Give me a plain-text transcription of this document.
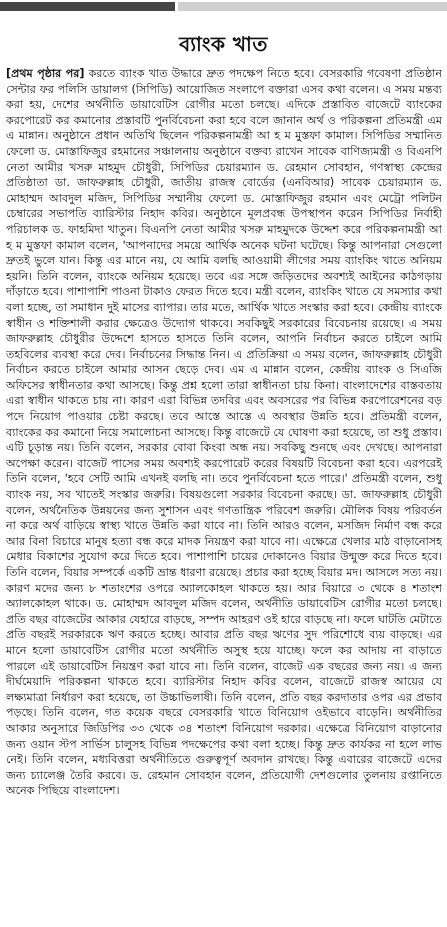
ব্যাংক খাত
[প্রথম পৃষ্ঠার পর] করতে ব্যাংক খাত উদ্ধারে দ্রুত পদক্ষেপ নিতে হবে। বেসরকারি গবেষণা প্রতিষ্ঠান সেন্টার ফর পলিসি ডায়ালগ (সিপিডি) আয়োজিত সংলাপে বক্তারা এসব কথা বলেন। এ সময় মন্তব্য করা হয়, দেশের অর্থনীতি ডায়াবেটিস রোগীর মতো চলছে। এদিকে প্রস্তাবিত বাজেটে ব্যাংকের করপোরেট কর কমানোর প্রস্তাবটি পুনর্বিবেচনা করা হবে বলে জানান অর্থ ও পরিকল্পনা প্রতিমন্ত্রী এম এ মান্নান। অনুষ্ঠানে প্রধান অতিথি ছিলেন পরিকল্পনামন্ত্রী আ হ ম মুস্তফা কামাল। সিপিডির সম্মানিত ফেলো ড. মোস্তাফিজুর রহমানের সঞ্চালনায় অনুষ্ঠানে বক্তব্য রাখেন সাবেক বাণিজ্যমন্ত্রী ও বিএনপি নেতা আমীর খসরু মাহমুদ চৌধুরী, সিপিডির চেয়ারম্যান ড. রেহমান সোবহান, গণস্বাস্থ্য কেন্দ্রের প্রতিষ্ঠাতা ডা. জাফরুল্লাহ চৌধুরী, জাতীয় রাজস্ব বোর্ডের (এনবিআর) সাবেক চেয়ারম্যান ড. মোহাম্মদ আবদুল মজিদ, সিপিডির সম্মানীয় ফেলো ড. মোস্তাফিজুর রহমান এবং মেট্রো পলিটন চেম্বারের সভাপতি ব্যারিস্টার নিহাদ কবির। অনুষ্ঠানে মূলপ্রবন্ধ উপস্থাপন করেন সিপিডির নির্বাহী পরিচালক ড. ফাহমিদা খাতুন। বিএনপি নেতা আমীর খসরু মাহমুদকে উদ্দেশ করে পরিকল্পনামন্ত্রী আ হ ম মুস্তফা কামাল বলেন, 'আপনাদের সময়ে আর্থিক অনেক ঘটনা ঘটেছে। কিন্তু আপনারা সেগুলো দ্রুতই ভুলে যান। কিন্তু এর মানে নয়, যে আমি বলছি আওয়ামী লীগের সময় ব্যাংকিং খাতে অনিয়ম হয়নি। তিনি বলেন, ব্যাংকে অনিয়ম হয়েছে। তবে এর সঙ্গে জড়িতদের অবশ্যই আইনের কাঠগড়ায় দাঁড়াতে হবে। পাশাপাশি পাওনা টাকাও ফেরত দিতে হবে। মন্ত্রী বলেন, ব্যাংকিং খাতে যে সমস্যার কথা বলা হচ্ছে, তা সমাধান দুই মাসের ব্যাপার। তার মতে, আর্থিক খাতে সংস্কার করা হবে। কেন্দ্রীয় ব্যাংকে স্বাধীন ও শক্তিশালী করার ক্ষেত্রেও উদ্যোগ থাকবে। সবকিছুই সরকারের বিবেচনায় রয়েছে। এ সময় জাফরুল্লাহ চৌধুরীর উদ্দেশে হাসতে হাসতে তিনি বলেন, আপনি নির্বাচন করতে চাইলে আমি তহবিলের ব্যবস্থা করে দেব। নির্বাচনের সিদ্ধান্ত নিন। এ প্রতিক্রিয়া এ সময় বলেন, জাফরুল্লাহ চৌধুরী নির্বাচন করতে চাইলে আমার আসন ছেড়ে দেব। এম এ মান্নান বলেন, কেন্দ্রীয় ব্যাংক ও সিএজি অফিসের স্বাধীনতার কথা আসছে। কিন্তু প্রশ্ন হলো তারা স্বাধীনতা চায় কিনা। বাংলাদেশের বাস্তবতায় এরা স্বাধীন থাকতে চায় না। কারণ এরা বিভিন্ন তদবির এবং অবসরের পর বিভিন্ন করপোরেশনের বড় পদে নিয়োগ পাওয়ার চেষ্টা করছে। তবে আস্তে আস্তে এ অবস্থার উন্নতি হবে। প্রতিমন্ত্রী বলেন, ব্যাংকের কর কমানো নিয়ে সমালোচনা আসছে। কিন্তু বাজেটে যে ঘোষণা করা হয়েছে, তা শুধু প্রস্তাব। এটি চূড়ান্ত নয়। তিনি বলেন, সরকার বোবা কিংবা অন্ধ নয়। সবকিছু শুনছে এবং দেখছে। আপনারা অপেক্ষা করেন। বাজেট পাসের সময় অবশ্যই করপোরেট করের বিষয়টি বিবেচনা করা হবে। এরপরেই তিনি বলেন, 'হবে সেটি আমি এখনই বলছি না। তবে পুনর্বিবেচনা হতে পারে।' প্রতিমন্ত্রী বলেন, শুধু ব্যাংক নয়, সব খাতেই সংস্কার জরুরি। বিষয়গুলো সরকার বিবেচনা করছে। ডা. জাফরুল্লাহ চৌধুরী বলেন, অর্থনৈতিক উন্নয়নের জন্য সুশাসন এবং গণতান্ত্রিক পরিবেশ জরুরি। মৌলিক বিষয় পরিবর্তন না করে অর্থ বাড়িয়ে স্বাস্থ্য খাতে উন্নতি করা যাবে না। তিনি আরও বলেন, মসজিদ নির্মাণ বন্ধ করে আর বিনা বিচারে মানুষ হত্যা বন্ধ করে মাদক নিয়ন্ত্রণ করা যাবে না। এক্ষেত্রে খেলার মাঠ বাড়ানোসহ মেধার বিকাশের সুযোগ করে দিতে হবে। পাশাপাশি চায়ের দোকানেও বিয়ার উন্মুক্ত করে দিতে হবে। তিনি বলেন, বিয়ার সম্পর্কে একটি ভ্রান্ত ধারণা রয়েছে। প্রচার করা হচ্ছে বিয়ার মদ। আসলে সত্য নয়। কারণ মদের জন্য ৮ শতাংশের ওপরে অ্যালকোহল থাকতে হয়। আর বিয়ারে ৩ থেকে ৪ শতাংশ অ্যালকোহল থাকে। ড. মোহাম্মদ আবদুল মজিদ বলেন, অর্থনীতি ডায়াবেটিস রোগীর মতো চলছে। প্রতি বছর বাজেটের আকার যেহারে বাড়ছে, সম্পদ আহরণ ওই হারে বাড়ছে না। ফলে ঘাটতি মেটাতে প্রতি বছরই সরকারকে ঋণ করতে হচ্ছে। আবার প্রতি বছর ঋণের সুদ পরিশোধে ব্যয় বাড়ছে। এর মানে হলো ডায়াবেটিস রোগীর মতো অর্থনীতি অসুস্থ হয়ে যাচ্ছে। ফলে কর আদায় না বাড়াতে পারলে এই ডায়াবেটিস নিয়ন্ত্রণ করা যাবে না। তিনি বলেন, বাজেট এক বছরের জন্য নয়। এ জন্য দীর্ঘমেয়াদি পরিকল্পনা থাকতে হবে। ব্যারিস্টার নিহাদ কবির বলেন, বাজেটে রাজস্ব আয়ের যে লক্ষ্যমাত্রা নির্ধারণ করা হয়েছে, তা উচ্চাভিলাষী। তিনি বলেন, প্রতি বছর করদাতার ওপর এর প্রভাব পড়ছে। তিনি বলেন, গত কয়েক বছরে বেসরকারি খাতে বিনিয়োগ ওইভাবে বাড়েনি। অর্থনীতির আকার অনুসারে জিডিপির ৩৩ থেকে ৩৪ শতাংশ বিনিয়োগ দরকার। এক্ষেত্রে বিনিয়োগ বাড়ানোর জন্য ওয়ান স্টপ সার্ভিস চালুসহ বিভিন্ন পদক্ষেপের কথা বলা হচ্ছে। কিন্তু দ্রুত কার্যকর না হলে লাভ নেই। তিনি বলেন, মধ্যবিত্তরা অর্থনীতিতে গুরুত্বপূর্ণ অবদান রাখছে। কিন্তু এবারের বাজেটে এদের জন্য চ্যালেঞ্জ তৈরি করবে। ড. রেহমান সোবহান বলেন, প্রতিযোগী দেশগুলোর তুলনায় রপ্তানিতে অনেক পিছিয়ে বাংলাদেশ।
